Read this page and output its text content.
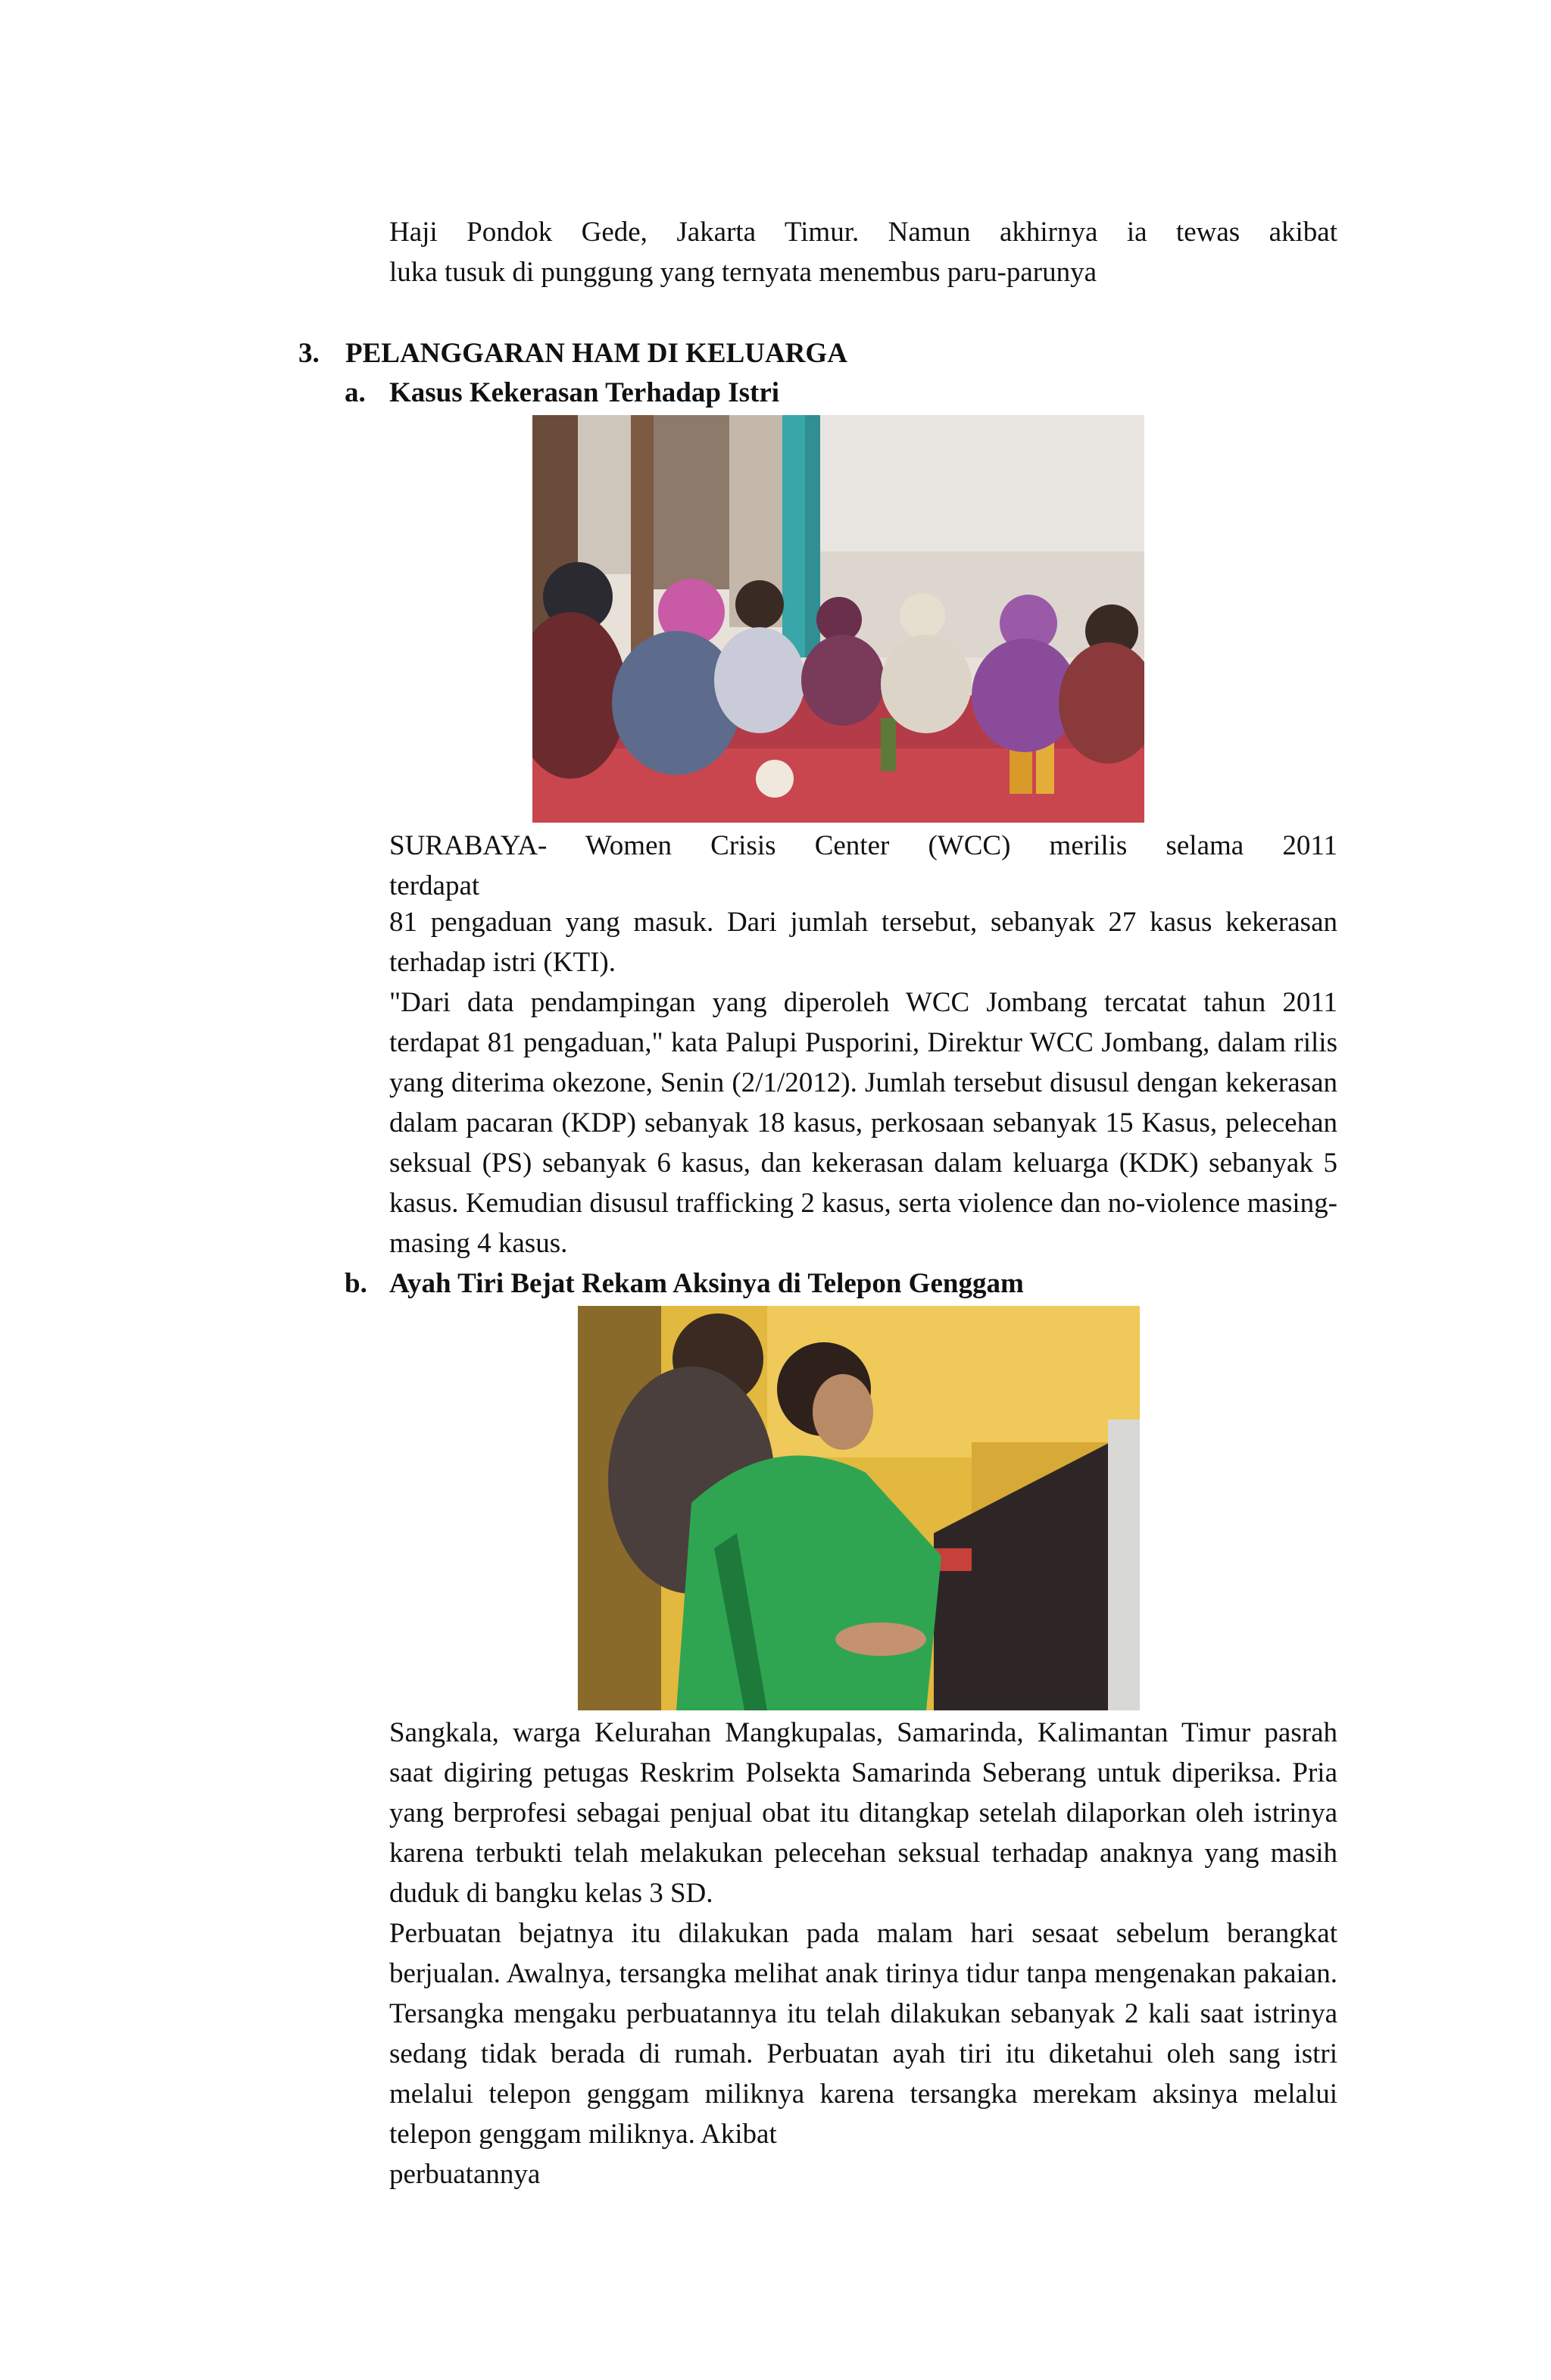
Haji Pondok Gede, Jakarta Timur. Namun akhirnya ia tewas akibat

luka tusuk di punggung yang ternyata menembus paru-parunya

3. PELANGGARAN HAM DI KELUARGA
a. Kasus Kekerasan Terhadap Istri

SURABAYA- Women Crisis Center (WCC) merilis selama 2011

terdapat

81 pengaduan yang masuk. Dari jumlah tersebut, sebanyak 27 kasus kekerasan terhadap istri (KTI).

"Dari data pendampingan yang diperoleh WCC Jombang tercatat tahun 2011 terdapat 81 pengaduan," kata Palupi Pusporini, Direktur WCC Jombang, dalam rilis yang diterima okezone, Senin (2/1/2012). Jumlah tersebut disusul dengan kekerasan dalam pacaran (KDP) sebanyak 18 kasus, perkosaan sebanyak 15 Kasus, pelecehan seksual (PS) sebanyak 6 kasus, dan kekerasan dalam keluarga (KDK) sebanyak 5 kasus. Kemudian disusul trafficking 2 kasus, serta violence dan no-violence masing-masing 4 kasus.

b. Ayah Tiri Bejat Rekam Aksinya di Telepon Genggam

Sangkala, warga Kelurahan Mangkupalas, Samarinda, Kalimantan Timur pasrah saat digiring petugas Reskrim Polsekta Samarinda Seberang untuk diperiksa. Pria yang berprofesi sebagai penjual obat itu ditangkap setelah dilaporkan oleh istrinya karena terbukti telah melakukan pelecehan seksual terhadap anaknya yang masih duduk di bangku kelas 3 SD.

Perbuatan bejatnya itu dilakukan pada malam hari sesaat sebelum berangkat berjualan. Awalnya, tersangka melihat anak tirinya tidur tanpa mengenakan pakaian. Tersangka mengaku perbuatannya itu telah dilakukan sebanyak 2 kali saat istrinya sedang tidak berada di rumah. Perbuatan ayah tiri itu diketahui oleh sang istri melalui telepon genggam miliknya karena tersangka merekam aksinya melalui telepon genggam miliknya. Akibat

perbuatannya
